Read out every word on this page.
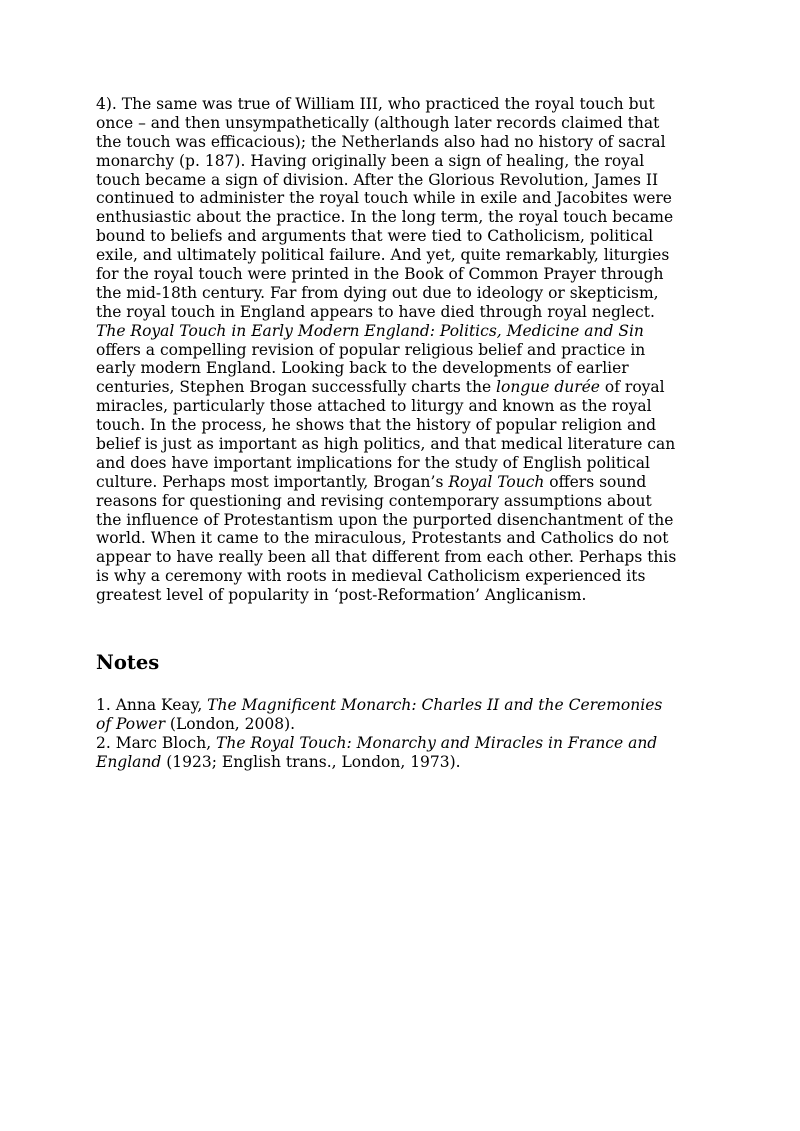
4). The same was true of William III, who practiced the royal touch but
once – and then unsympathetically (although later records claimed that
the touch was efficacious); the Netherlands also had no history of sacral
monarchy (p. 187). Having originally been a sign of healing, the royal
touch became a sign of division. After the Glorious Revolution, James II
continued to administer the royal touch while in exile and Jacobites were
enthusiastic about the practice. In the long term, the royal touch became
bound to beliefs and arguments that were tied to Catholicism, political
exile, and ultimately political failure. And yet, quite remarkably, liturgies
for the royal touch were printed in the Book of Common Prayer through
the mid-18th century. Far from dying out due to ideology or skepticism,
the royal touch in England appears to have died through royal neglect.
The Royal Touch in Early Modern England: Politics, Medicine and Sin
offers a compelling revision of popular religious belief and practice in
early modern England. Looking back to the developments of earlier
centuries, Stephen Brogan successfully charts the longue durée of royal
miracles, particularly those attached to liturgy and known as the royal
touch. In the process, he shows that the history of popular religion and
belief is just as important as high politics, and that medical literature can
and does have important implications for the study of English political
culture. Perhaps most importantly, Brogan’s Royal Touch offers sound
reasons for questioning and revising contemporary assumptions about
the influence of Protestantism upon the purported disenchantment of the
world. When it came to the miraculous, Protestants and Catholics do not
appear to have really been all that different from each other. Perhaps this
is why a ceremony with roots in medieval Catholicism experienced its
greatest level of popularity in ‘post-Reformation’ Anglicanism.
Notes
1. Anna Keay, The Magnificent Monarch: Charles II and the Ceremonies
of Power (London, 2008).
2. Marc Bloch, The Royal Touch: Monarchy and Miracles in France and
England (1923; English trans., London, 1973).
